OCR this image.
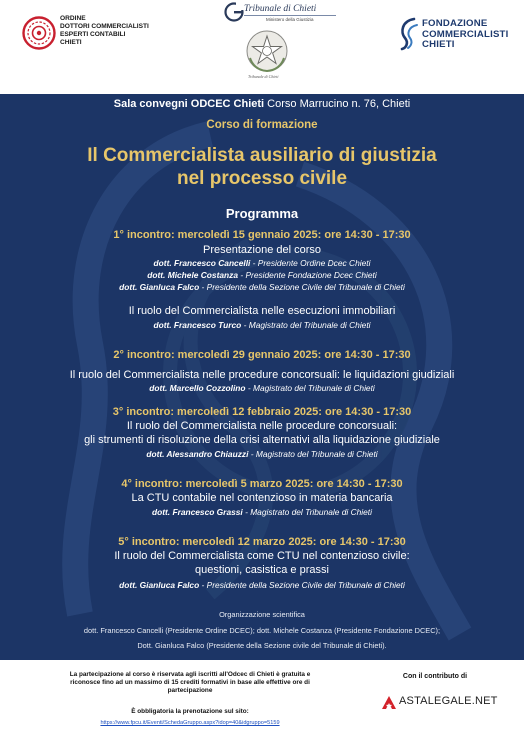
ORDINE
DOTTORI COMMERCIALISTI
ESPERTI CONTABILI
CHIETI
Tribunale di Chieti
Ministero della Giustizia
Tribunale di Chieti
FONDAZIONE
COMMERCIALISTI
CHIETI
Sala convegni ODCEC Chieti Corso Marrucino n. 76, Chieti
Corso di formazione
Il Commercialista ausiliario di giustizia
nel processo civile
Programma
1° incontro: mercoledì 15 gennaio 2025: ore 14:30 - 17:30
Presentazione del corso
dott. Francesco Cancelli - Presidente Ordine Dcec Chieti
dott. Michele Costanza - Presidente Fondazione Dcec Chieti
dott. Gianluca Falco - Presidente della Sezione Civile del Tribunale di Chieti
Il ruolo del Commercialista nelle esecuzioni immobiliari
dott. Francesco Turco - Magistrato del Tribunale di Chieti
2° incontro: mercoledì 29 gennaio 2025: ore 14:30 - 17:30
Il ruolo del Commercialista nelle procedure concorsuali: le liquidazioni giudiziali
dott. Marcello Cozzolino - Magistrato del Tribunale di Chieti
3° incontro: mercoledì 12 febbraio 2025: ore 14:30 - 17:30
Il ruolo del Commercialista nelle procedure concorsuali:
gli strumenti di risoluzione della crisi alternativi alla liquidazione giudiziale
dott. Alessandro Chiauzzi - Magistrato del Tribunale di Chieti
4° incontro: mercoledì 5 marzo 2025: ore 14:30 - 17:30
La CTU contabile nel contenzioso in materia bancaria
dott. Francesco Grassi - Magistrato del Tribunale di Chieti
5° incontro: mercoledì 12 marzo 2025: ore 14:30 - 17:30
Il ruolo del Commercialista come CTU nel contenzioso civile:
questioni, casistica e prassi
dott. Gianluca Falco - Presidente della Sezione Civile del Tribunale di Chieti
Organizzazione scientifica
dott. Francesco Cancelli (Presidente Ordine DCEC); dott. Michele Costanza (Presidente Fondazione DCEC);
Dott. Gianluca Falco (Presidente della Sezione civile del Tribunale di Chieti).
La partecipazione al corso è riservata agli iscritti all'Odcec di Chieti è gratuita e
riconosce fino ad un massimo di 15 crediti formativi in base alle effettive ore di
partecipazione
È obbligatoria la prenotazione sul sito:
https://www.fpcu.it/Eventi/SchedaGruppo.aspx?idop=40&idgruppo=5159
Con il contributo di
ASTALEGALE.NET
